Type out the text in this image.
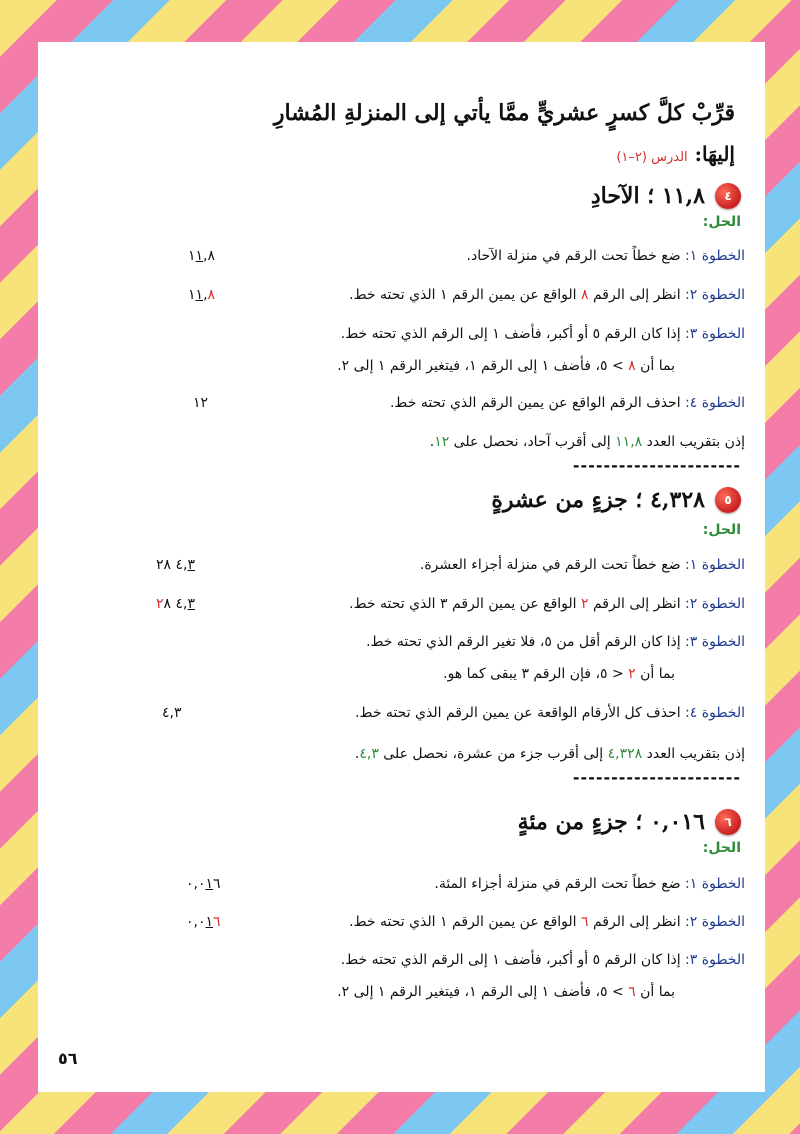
قرِّبْ كلَّ كسرٍ عشريٍّ ممَّا يأتي إلى المنزلةِ المُشارِ
إليهَا: الدرس (٢–١)
٤
١١,٨ ؛ الآحادِ
الحل:
الخطوة ١: ضع خطاً تحت الرقم في منزلة الآحاد.
١١,٨
الخطوة ٢: انظر إلى الرقم ٨ الواقع عن يمين الرقم ١ الذي تحته خط.
١١,٨
الخطوة ٣: إذا كان الرقم ٥ أو أكبر، فأضف ١ إلى الرقم الذي تحته خط.
بما أن ٨ > ٥، فأضف ١ إلى الرقم ١، فيتغير الرقم ١ إلى ٢.
الخطوة ٤: احذف الرقم الواقع عن يمين الرقم الذي تحته خط.
١٢
إذن بتقريب العدد ١١,٨ إلى أقرب آحاد، نحصل على ١٢.
----------------------
٥
٤,٣٢٨ ؛ جزءٍ من عشرةٍ
الحل:
الخطوة ١: ضع خطاً تحت الرقم في منزلة أجزاء العشرة.
٤,٣ ٢٨
الخطوة ٢: انظر إلى الرقم ٢ الواقع عن يمين الرقم ٣ الذي تحته خط.
٤,٣ ٢٨
الخطوة ٣: إذا كان الرقم أقل من ٥، فلا تغير الرقم الذي تحته خط.
بما أن ٢ < ٥، فإن الرقم ٣ يبقى كما هو.
الخطوة ٤: احذف كل الأرقام الواقعة عن يمين الرقم الذي تحته خط.
٤,٣
إذن بتقريب العدد ٤,٣٢٨ إلى أقرب جزء من عشرة، نحصل على ٤,٣.
----------------------
٦
٠,٠١٦ ؛ جزءٍ من مئةٍ
الحل:
الخطوة ١: ضع خطاً تحت الرقم في منزلة أجزاء المئة.
٠,٠١٦
الخطوة ٢: انظر إلى الرقم ٦ الواقع عن يمين الرقم ١ الذي تحته خط.
٠,٠١٦
الخطوة ٣: إذا كان الرقم ٥ أو أكبر، فأضف ١ إلى الرقم الذي تحته خط.
بما أن ٦ > ٥، فأضف ١ إلى الرقم ١، فيتغير الرقم ١ إلى ٢.
٥٦
